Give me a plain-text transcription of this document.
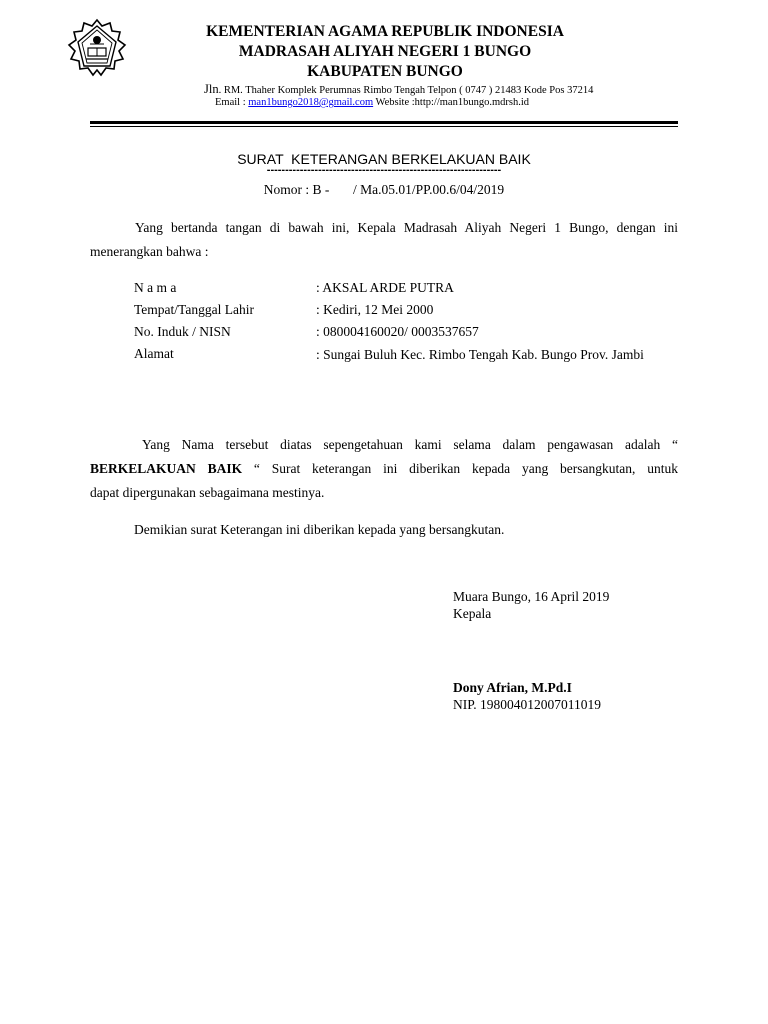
KEMENTERIAN AGAMA REPUBLIK INDONESIA
MADRASAH ALIYAH NEGERI 1 BUNGO
KABUPATEN BUNGO
Jln. RM. Thaher Komplek Perumnas Rimbo Tengah Telpon ( 0747 ) 21483 Kode Pos 37214
Email : man1bungo2018@gmail.com Website :http://man1bungo.mdrsh.id
SURAT  KETERANGAN BERKELAKUAN BAIK
----------------------------------------------------------------
Nomor : B -       / Ma.05.01/PP.00.6/04/2019
Yang bertanda tangan di bawah ini, Kepala Madrasah Aliyah Negeri 1 Bungo, dengan ini
menerangkan bahwa :
N a m a	: AKSAL ARDE PUTRA
Tempat/Tanggal Lahir	: Kediri, 12 Mei 2000
No. Induk / NISN	: 080004160020/ 0003537657
Alamat	: Sungai Buluh Kec. Rimbo Tengah Kab. Bungo Prov. Jambi
Yang Nama tersebut diatas sepengetahuan kami selama dalam pengawasan adalah “
BERKELAKUAN BAIK “ Surat keterangan ini diberikan kepada yang bersangkutan, untuk
dapat dipergunakan sebagaimana mestinya.
Demikian surat Keterangan ini diberikan kepada yang bersangkutan.
Muara Bungo, 16 April 2019
Kepala
Dony Afrian, M.Pd.I
NIP. 198004012007011019
